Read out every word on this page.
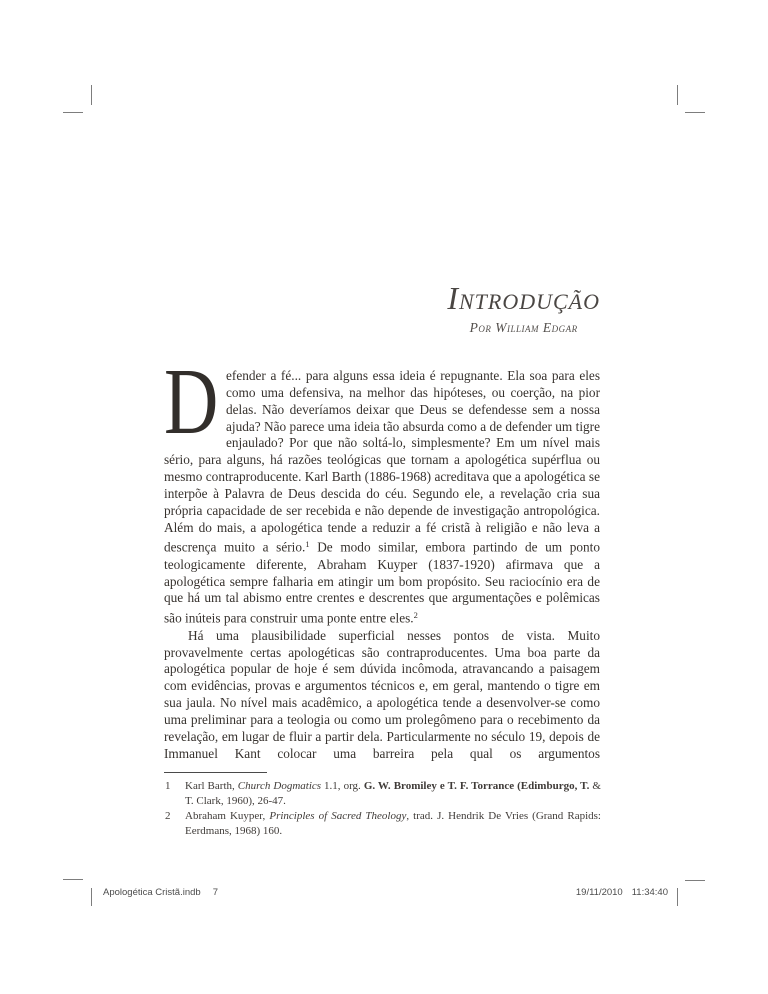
Introdução
Por William Edgar

D efender a fé... para alguns essa ideia é repugnante. Ela soa para eles como uma defensiva, na melhor das hipóteses, ou coerção, na pior delas. Não deveríamos deixar que Deus se defendesse sem a nossa ajuda? Não parece uma ideia tão absurda como a de defender um tigre enjaulado? Por que não soltá-lo, simplesmente? Em um nível mais sério, para alguns, há razões teológicas que tornam a apologética supérflua ou mesmo contraproducente. Karl Barth (1886-1968) acreditava que a apologética se interpõe à Palavra de Deus descida do céu. Segundo ele, a revelação cria sua própria capacidade de ser recebida e não depende de investigação antropológica. Além do mais, a apologética tende a reduzir a fé cristã à religião e não leva a descrença muito a sério.$^1$ De modo similar, embora partindo de um ponto teologicamente diferente, Abraham Kuyper (1837-1920) afirmava que a apologética sempre falharia em atingir um bom propósito. Seu raciocínio era de que há um tal abismo entre crentes e descrentes que argumentações e polêmicas são inúteis para construir uma ponte entre eles.$^2$

Há uma plausibilidade superficial nesses pontos de vista. Muito provavelmente certas apologéticas são contraproducentes. Uma boa parte da apologética popular de hoje é sem dúvida incômoda, atravancando a paisagem com evidências, provas e argumentos técnicos e, em geral, mantendo o tigre em sua jaula. No nível mais acadêmico, a apologética tende a desenvolver-se como uma preliminar para a teologia ou como um prolegômeno para o recebimento da revelação, em lugar de fluir a partir dela. Particularmente no século 19, depois de Immanuel Kant colocar uma barreira pela qual os argumentos

1 Karl Barth, Church Dogmatics 1.1, org. G. W. Bromiley e T. F. Torrance (Edimburgo, T. & T. Clark, 1960), 26-47.
2 Abraham Kuyper, Principles of Sacred Theology, trad. J. Hendrik De Vries (Grand Rapids: Eerdmans, 1968) 160.
Apologética Cristã.indb 7	19/11/2010 11:34:40
